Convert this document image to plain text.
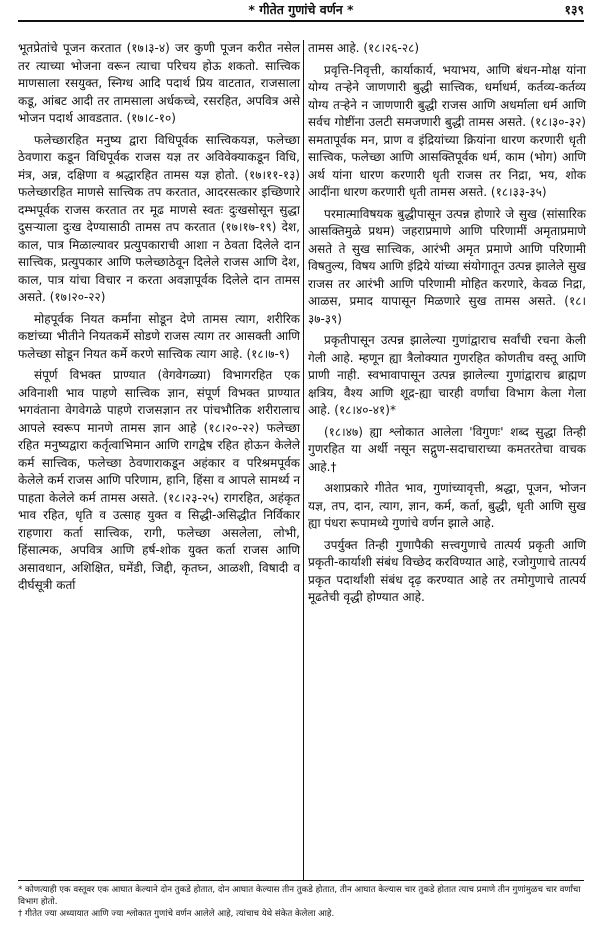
* गीतेत गुणांचे वर्णन *	१३९

भूतप्रेतांचे पूजन करतात (१७।३-४) जर कुणी पूजन करीत नसेल तर त्याच्या भोजना वरून त्याचा परिचय होऊ शकतो. सात्त्विक माणसाला रसयुक्त, स्निग्ध आदि पदार्थ प्रिय वाटतात, राजसाला कडू, आंबट आदी तर तामसाला अर्धकच्चे, रसरहित, अपवित्र असे भोजन पदार्थ आवडतात. (१७।८-१०)

फलेच्छारहित मनुष्य द्वारा विधिपूर्वक सात्त्विकयज्ञ, फलेच्छा ठेवणारा कडून विधिपूर्वक राजस यज्ञ तर अविवेक्याकडून विधि, मंत्र, अन्न, दक्षिणा व श्रद्धारहित तामस यज्ञ होतो. (१७।११-१३) फलेच्छारहित माणसे सात्त्विक तप करतात, आदरसत्कार इच्छिणारे दम्भपूर्वक राजस करतात तर मूढ माणसे स्वतः दुःखसोसून सुद्धा दुसऱ्याला दुःख देण्यासाठी तामस तप करतात (१७।१७-१९) देश, काल, पात्र मिळाल्यावर प्रत्युपकाराची आशा न ठेवता दिलेले दान सात्त्विक, प्रत्युपकार आणि फलेच्छाठेवून दिलेले राजस आणि देश, काल, पात्र यांचा विचार न करता अवज्ञापूर्वक दिलेले दान तामस असते. (१७।२०-२२)

मोहपूर्वक नियत कर्मांना सोडून देणे तामस त्याग, शरीरिक कष्टांच्या भीतीने नियतकर्मे सोडणे राजस त्याग तर आसक्ती आणि फलेच्छा सोडून नियत कर्मे करणे सात्त्विक त्याग आहे. (१८।७-९)

संपूर्ण विभक्त प्राण्यात (वेगवेगळ्या) विभागरहित एक अविनाशी भाव पाहणे सात्त्विक ज्ञान, संपूर्ण विभक्त प्राण्यात भगवंताना वेगवेगळे पाहणे राजसज्ञान तर पांचभौतिक शरीरालाच आपले स्वरूप मानणे तामस ज्ञान आहे (१८।२०-२२) फलेच्छा रहित मनुष्यद्वारा कर्तृत्वाभिमान आणि रागद्वेष रहित होऊन केलेले कर्म सात्त्विक, फलेच्छा ठेवणाराकडून अहंकार व परिश्रमपूर्वक केलेले कर्म राजस आणि परिणाम, हानि, हिंसा व आपले सामर्थ्य न पाहता केलेले कर्म तामस असते. (१८।२३-२५) रागरहित, अहंकृत भाव रहित, धृति व उत्साह युक्त व सिद्धी-असिद्धीत निर्विकार राहणारा कर्ता सात्त्विक, रागी, फलेच्छा असलेला, लोभी, हिंसात्मक, अपवित्र आणि हर्ष-शोक युक्त कर्ता राजस आणि असावधान, अशिक्षित, घमेंडी, जिद्दी, कृतघ्न, आळशी, विषादी व दीर्घसूत्री कर्ता

तामस आहे. (१८।२६-२८)

प्रवृत्ति-निवृत्ती, कार्याकार्य, भयाभय, आणि बंधन-मोक्ष यांना योग्य तऱ्हेने जाणणारी बुद्धी सात्त्विक, धर्माधर्म, कर्तव्य-कर्तव्य योग्य तऱ्हेने न जाणणारी बुद्धी राजस आणि अधर्माला धर्म आणि सर्वच गोष्टींना उलटी समजणारी बुद्धी तामस असते. (१८।३०-३२) समतापूर्वक मन, प्राण व इंद्रियांच्या क्रियांना धारण करणारी धृती सात्त्विक, फलेच्छा आणि आसक्तिपूर्वक धर्म, काम (भोग) आणि अर्थ यांना धारण करणारी धृती राजस तर निद्रा, भय, शोक आदींना धारण करणारी धृती तामस असते. (१८।३३-३५)

परमात्माविषयक बुद्धीपासून उत्पन्न होणारे जे सुख (सांसारिक आसक्तिमुळे प्रथम) जहराप्रमाणे आणि परिणामीं अमृताप्रमाणे असते ते सुख सात्त्विक, आरंभी अमृत प्रमाणे आणि परिणामी विषतुल्य, विषय आणि इंद्रिये यांच्या संयोगातून उत्पन्न झालेले सुख राजस तर आरंभी आणि परिणामी मोहित करणारे, केवळ निद्रा, आळस, प्रमाद यापासून मिळणारे सुख तामस असते. (१८।३७-३९)

प्रकृतीपासून उत्पन्न झालेल्या गुणांद्वाराच सर्वांची रचना केली गेली आहे. म्हणून ह्या त्रैलोक्यात गुणरहित कोणतीच वस्तू आणि प्राणी नाही. स्वभावापासून उत्पन्न झालेल्या गुणांद्वाराच ब्राह्मण क्षत्रिय, वैश्य आणि शूद्र-ह्या चारही वर्णांचा विभाग केला गेला आहे. (१८।४०-४१)*

(१८।४७) ह्या श्लोकात आलेला 'विगुणः' शब्द सुद्धा तिन्ही गुणरहित या अर्थी नसून सद्गुण-सदाचाराच्या कमतरतेचा वाचक आहे.†

अशाप्रकारे गीतेत भाव, गुणांच्यावृत्ती, श्रद्धा, पूजन, भोजन यज्ञ, तप, दान, त्याग, ज्ञान, कर्म, कर्ता, बुद्धी, धृती आणि सुख ह्या पंधरा रूपामध्ये गुणांचे वर्णन झाले आहे.

उपर्युक्त तिन्ही गुणापैकी सत्त्वगुणाचे तात्पर्य प्रकृती आणि प्रकृती-कार्याशी संबंध विच्छेद करविण्यात आहे, रजोगुणाचे तात्पर्य प्रकृत पदार्थांशी संबंध दृढ़ करण्यात आहे तर तमोगुणाचे तात्पर्य मूढतेची वृद्धी होण्यात आहे.

* कोणत्याही एक वस्तूवर एक आघात केल्याने दोन तुकडे होतात, दोन आघात केल्यास तीन तुकडे होतात, तीन आघात केल्यास चार तुकडे होतात त्याच प्रमाणे तीन गुणांमुळच चार वर्णांचा विभाग होतो.
† गीतेत ज्या अध्यायात आणि ज्या श्लोकात गुणांचे वर्णन आलेले आहे, त्यांचाच येथे संकेत केलेला आहे.
